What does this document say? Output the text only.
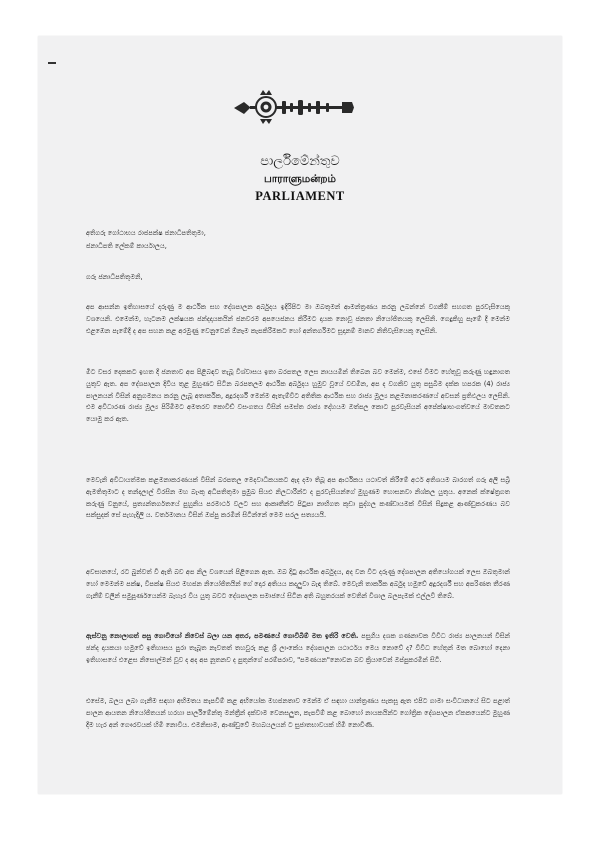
පාර්ලිමේන්තුව
பாராளுமன்றம்
PARLIAMENT
අතිගරු ගෝඨාභය රාජපක්ෂ ජනාධිපතිතුමා,
ජනාධිපති ලේකම් කාර්යාලය,
ගරු ජනාධිපතිතුමනි,
අප ආසන්න ඉතිහාසයේ දරුණු ම ආර්ථික සහ දේශපාලන අර්බුදය ඉදිරිපිට මා ඔබතුමන් ආමන්ත්‍රණය කරනු ලබන්නේ වගකීම් සහගත පුරවැසියෙකු වශයෙනි. එමෙන්ම, හැටනම ලක්ෂයක ජන්දදායකයින් ජනවරම අපයෙජනය කිරීමට දායක නොවූ ජනතා නියෝජිතයකු ලෙසිනි. ගෙදුකිහු පැමේ දී මෙන්ම එළඹෙන පැමේදී ද අප සහන කළ අරමුණු වෙනුවෙන් ඕනෑම කැපකිරීමකට හෝ අන්තර්ගිමට සූදානම් මානව නිතිවැසියෙකු ලෙසිනි.
මීට වසර දෙකකට ඉහත දී ජනතාව අප පිළිබඳව තැබූ විශ්වාසය ඉතා බරපතල ලෙස නායයමින් තිබෙන බව මෙන්ම, එසේ වීමට හේතුවූ කරුණු හඳුනාගත යුතුව ඇත. අප දේශපාලන දිවිය තුළ මුහුණට සිටින බරපතලම ආර්ථික අර්බුදය හුමුව වූයේ වඩමින, අප ද වගකිව යුතු පසුබිම දක්ක හපරක (4) රාජ්‍ය පාලනයන් විසින් අනුගමනය කරනු ලැබූ අතාර්කික, අදූරදර්ශී මෙන්ම ඇතැම්විට අතිතික ආර්ථික සහ රාජ්‍ය මූල්‍ය කළමනාකරණයේ අවසන් ප්‍රතිඵලය ලෙසිනි. එම අවිධාරණ රාජ්‍ය මූල්‍ය පිරිමීමට අමතරව කොවිඩ් වසංගතය විසින් සමස්ත රාජ්‍ය දේහයම ඔත්පල කොට පුරවැසියන් අපේක්ෂාභංගත්වයේ මාවතකට යොමු කර ඇත.
මෙවැනි අවිධායත්මක කළමනාකරණයක් විසින් බරපතල මෙදවාධිකයකට ඇද දමා තිබූ අප ආර්ථිකය යථාවත් කිරීමේ අර්ථ අතිශයම බාරගත් ගරු අලි සබ්‍රි ඇමතිතුමාට ද තන්දලාල් විරසින මහ බැංකු අධිපතිතුමා ප්‍රමුඛ සියළු නිලධාරීන්ට ද පුරවැසියන්ගේ මුහුණම හොසනවා නිශ්කල යුතුය. අනෙක් ක්ෂේත්‍රගත කරුණු වනුයේ, ප්‍රත්‍යන්තර්ගතයේ පුහුනිය පරමාර්ථ වලට සහ ආකෘතීන්ට පිටුපා නාභිගත කුඩා පුද්ගල කණ්ඩායමක් විසින් සිදුකළ ආණ්ඩුකරණය බව සක්සුදක් සේ පැහැදිලි ය. වර්තමානය විසින් ඔප්පු කරමින් සිටින්නේ මෙම සරල සත්‍යයයි.
අවසානයේ, රට බුන්වත් වී ඇති බව අප නිල වශයෙන් පිළිගෙන ඇත. ඔබ දිටු ආර්ථික අර්බුදය, අද වන විට දරුණු දේශපාලන අතියෝගයක් ලෙස ඔබතුමාන් හෝ මෙමන්ම පක්ෂ, විපක්ෂ සියළු මහජන නියෝජිතයින් ගේ දොර අතියය කදලුවා බැඳ තිබේ. මෙවැනි තාර්කික අර්බුද හමුවේ අදූරදර්ශී සහ අපරිණත තීරණ ගැනීම් වලින් සමුපූර්ණයෙන්ම බැහැර විය යුතු බවට දේශපාලන සමාජයේ සිටින අති බහුතරයක් වෙතින් විශාල බලපැමක් එල්ලවී තිබේ.
ඇස්වනු නොලාගත් පසු ගොවියෝ නිවෙස් බලා යන අතර, පමණයේ ගොවිබිම් මත ඉතිරි වෙති. පසුගිය දශක ගණනාවක විවිධ රාජ්‍ය පාලනයන් විසින් ඡන්ද දායකයා හමුවේ ඉතිහාසය පුරා තැබූත නැවතත් තහවුරු කළ ශ්‍රී ලාංකේය දේශපාලන යථාර්ථය මෙය නොවේ ද? විවිධ හේතුන් මත බොහෝ දෙනා ඉතිහාසයේ එළෙස නිසොල්මන් වූව ද අද අප නූතනව ද පුතුන්ගේ පරම්පරාව, "පමණයන"නොවන බව ක්‍රියාවෙන් ඔප්පුකරමින් සිටී.
එසේම, බලය ලබා ගැනීම සඳහා අභිමතය කැපවීම් කළ අභියෝක මහජනතාව මෙන්ම ඒ සඳහා යාන්ත්‍රණය සැකසූ ඇත එපිට ගාමා සංවිධානයේ සිට පළාත් පාලන ආයතන නියෝජිතයන් හරහා පාර්ලිමේන්තු මන්ත්‍රීන් දක්වාම වෙනසලුත, කැපවීම් කළ බොහෝ නායකයින්ට ගෝත්‍රික දේශපාලන ඒකකයෙන්ට මුහුණ දීම හැර අන් ගෞරවයක් හිමි නොවිය. එමනිසාම, ආණ්ඩුවේ මහබයලයන් ට සුජාතභාවයක් හිමි නොවිණි.
